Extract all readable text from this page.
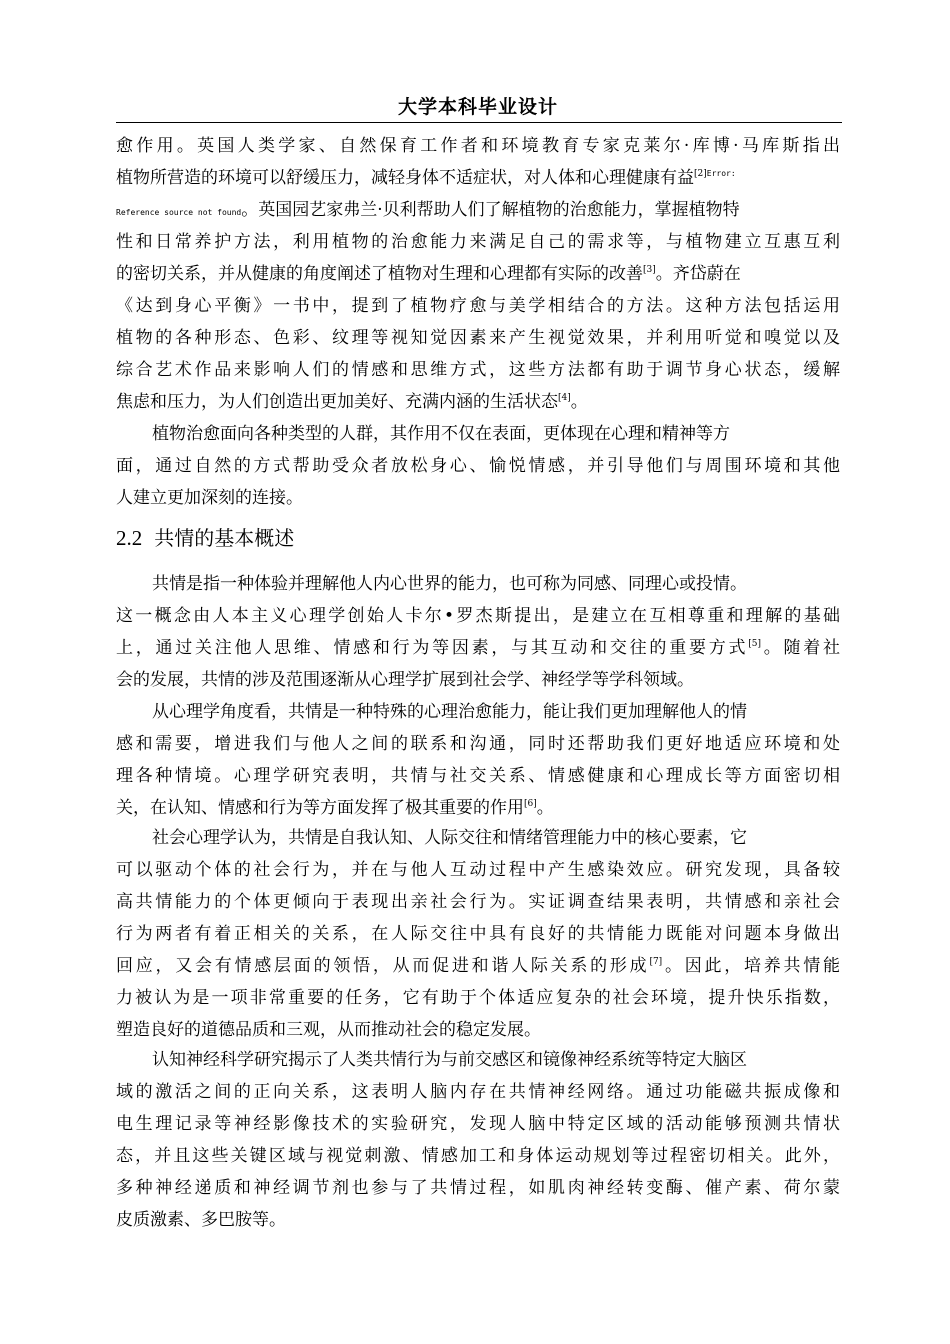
大学本科毕业设计
愈作用。英国人类学家、自然保育工作者和环境教育专家克莱尔·库博·马库斯指出
植物所营造的环境可以舒缓压力，减轻身体不适症状，对人体和心理健康有益$^{[2]Error:}$
Reference source not found。英国园艺家弗兰·贝利帮助人们了解植物的治愈能力，掌握植物特
性和日常养护方法，利用植物的治愈能力来满足自己的需求等，与植物建立互惠互利
的密切关系，并从健康的角度阐述了植物对生理和心理都有实际的改善[3]。齐岱蔚在
《达到身心平衡》一书中，提到了植物疗愈与美学相结合的方法。这种方法包括运用
植物的各种形态、色彩、纹理等视知觉因素来产生视觉效果，并利用听觉和嗅觉以及
综合艺术作品来影响人们的情感和思维方式，这些方法都有助于调节身心状态，缓解
焦虑和压力，为人们创造出更加美好、充满内涵的生活状态[4]。
植物治愈面向各种类型的人群，其作用不仅在表面，更体现在心理和精神等方
面，通过自然的方式帮助受众者放松身心、愉悦情感，并引导他们与周围环境和其他
人建立更加深刻的连接。
2.2 共情的基本概述
共情是指一种体验并理解他人内心世界的能力，也可称为同感、同理心或投情。
这一概念由人本主义心理学创始人卡尔•罗杰斯提出，是建立在互相尊重和理解的基础
上，通过关注他人思维、情感和行为等因素，与其互动和交往的重要方式[5]。随着社
会的发展，共情的涉及范围逐渐从心理学扩展到社会学、神经学等学科领域。
从心理学角度看，共情是一种特殊的心理治愈能力，能让我们更加理解他人的情
感和需要，增进我们与他人之间的联系和沟通，同时还帮助我们更好地适应环境和处
理各种情境。心理学研究表明，共情与社交关系、情感健康和心理成长等方面密切相
关，在认知、情感和行为等方面发挥了极其重要的作用[6]。
社会心理学认为，共情是自我认知、人际交往和情绪管理能力中的核心要素，它
可以驱动个体的社会行为，并在与他人互动过程中产生感染效应。研究发现，具备较
高共情能力的个体更倾向于表现出亲社会行为。实证调查结果表明，共情感和亲社会
行为两者有着正相关的关系，在人际交往中具有良好的共情能力既能对问题本身做出
回应，又会有情感层面的领悟，从而促进和谐人际关系的形成[7]。因此，培养共情能
力被认为是一项非常重要的任务，它有助于个体适应复杂的社会环境，提升快乐指数，
塑造良好的道德品质和三观，从而推动社会的稳定发展。
认知神经科学研究揭示了人类共情行为与前交感区和镜像神经系统等特定大脑区
域的激活之间的正向关系，这表明人脑内存在共情神经网络。通过功能磁共振成像和
电生理记录等神经影像技术的实验研究，发现人脑中特定区域的活动能够预测共情状
态，并且这些关键区域与视觉刺激、情感加工和身体运动规划等过程密切相关。此外，
多种神经递质和神经调节剂也参与了共情过程，如肌肉神经转变酶、催产素、荷尔蒙
皮质激素、多巴胺等。
